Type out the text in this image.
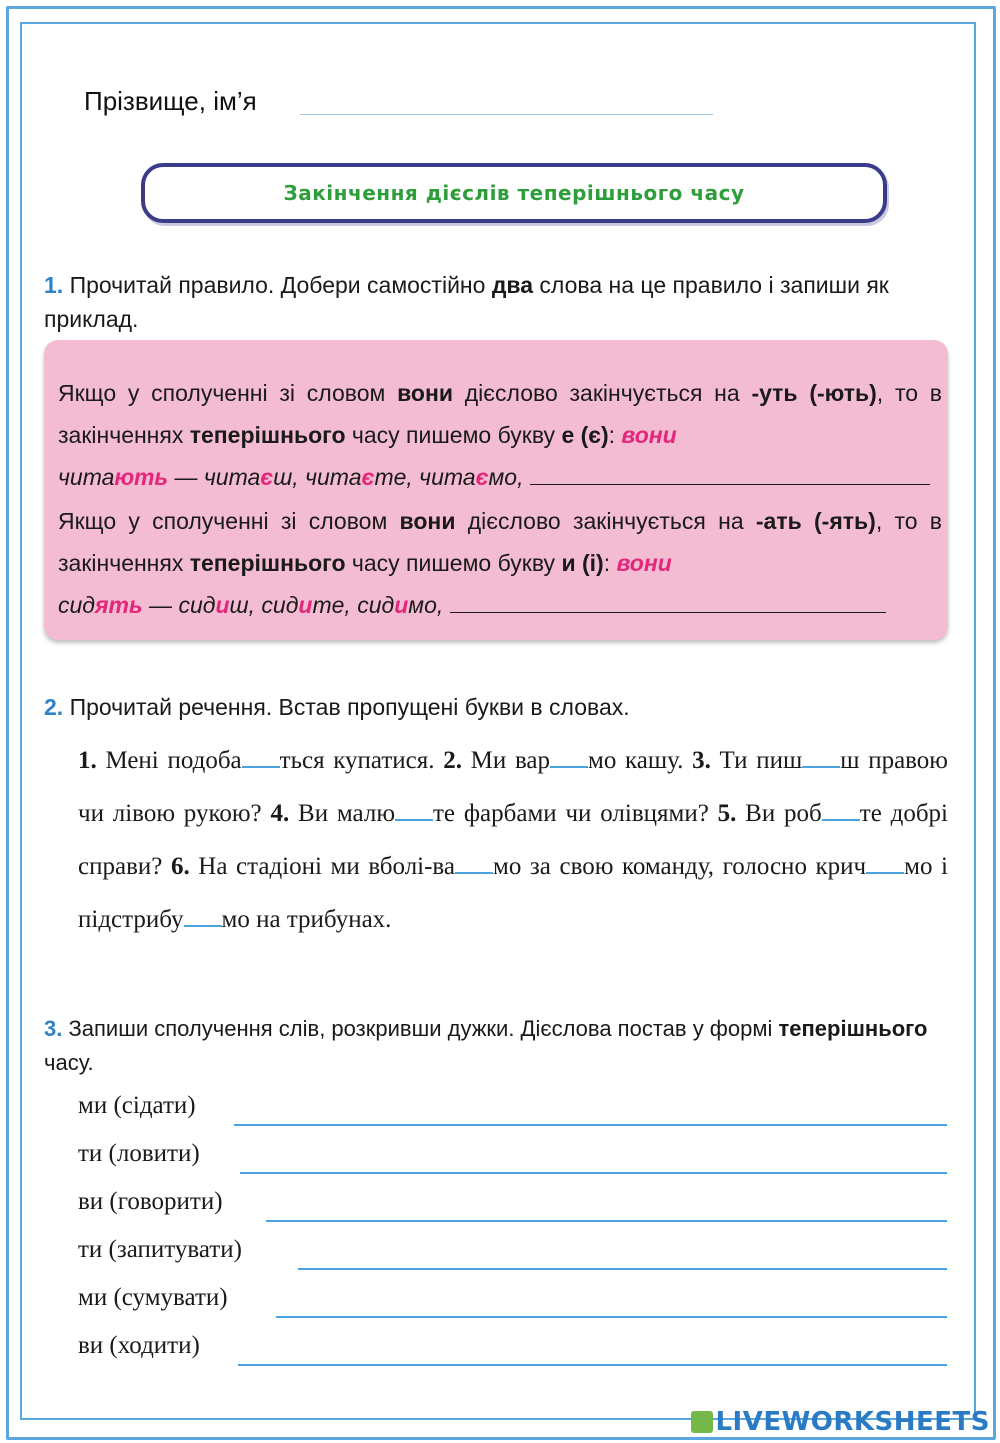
Прізвище, ім’я
Закінчення дієслів теперішнього часу
1. Прочитай правило. Добери самостійно два слова на це правило і запиши як приклад.

Якщо у сполученні зі словом вони дієслово закінчується на -уть (-ють), то в закінченнях теперішнього часу пишемо букву е (є): вони

читають — читаєш, читаєте, читаємо,

Якщо у сполученні зі словом вони дієслово закінчується на -ать (-ять), то в закінченнях теперішнього часу пишемо букву и (і): вони

сидять — сидиш, сидите, сидимо,

2. Прочитай речення. Встав пропущені букви в словах.
1. Мені подоба ться купатися. 2. Ми вар мо кашу. 3. Ти пиш ш правою чи лівою рукою? 4. Ви малю те фарбами чи олівцями? 5. Ви роб те добрі справи? 6. На стадіоні ми вболі-ва мо за свою команду, голосно крич мо і підстрибу мо на трибунах.
3. Запиши сполучення слів, розкривши дужки. Дієслова постав у формі теперішнього часу.
ми (сідати)
ти (ловити)
ви (говорити)
ти (запитувати)
ми (сумувати)
ви (ходити)
LIVEWORKSHEETS
